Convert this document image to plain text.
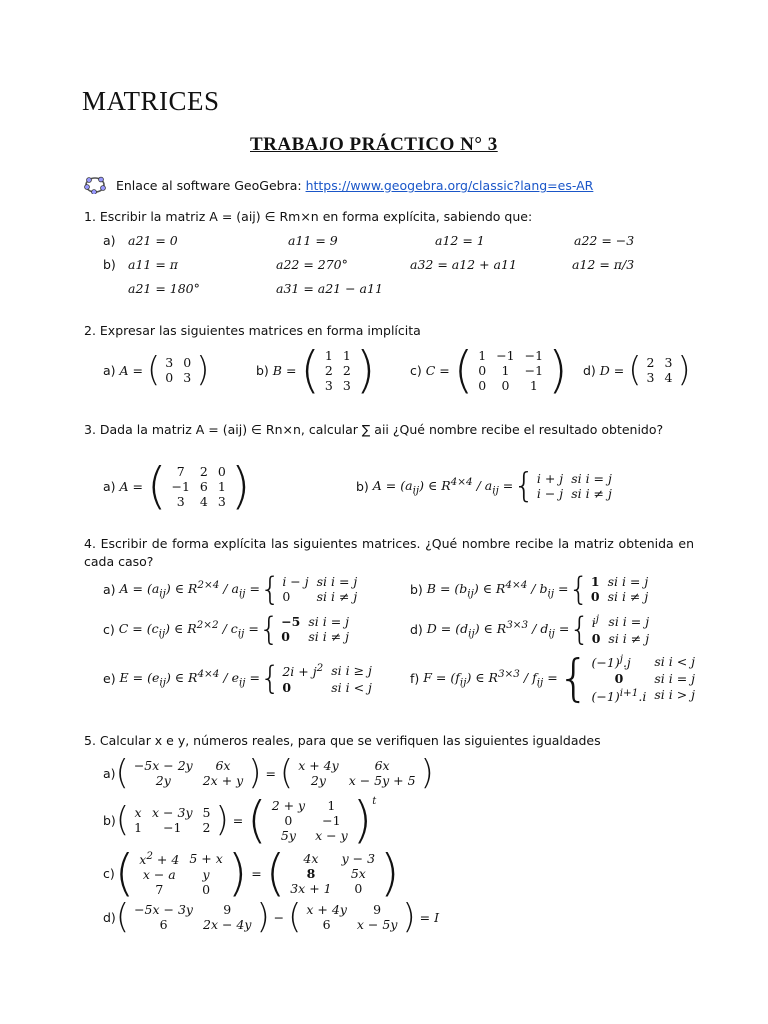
MATRICES
TRABAJO PRÁCTICO N° 3
Enlace al software GeoGebra: https://www.geogebra.org/classic?lang=es-AR
1. Escribir la matriz A = (aij) ∈ Rm×n en forma explícita, sabiendo que:
a) a21 = 0	a11 = 9	a12 = 1	a22 = −3
b) a11 = π	a22 = 270°	a32 = a12 + a11	a12 = π/3
a21 = 180°	a31 = a21 − a11
2. Expresar las siguientes matrices en forma implícita
a) A = ( 3	0
0	3 )	b) B = ( 1	1
2	2
3	3 )	c) C = ( 1	−1	−1
0	1	−1
0	0	1 ) d) D = ( 2	3
3	4 )
3. Dada la matriz A = (aij) ∈ Rn×n, calcular ∑ aii ¿Qué nombre recibe el resultado obtenido?
a) A = ( 7	2	0
−1	6	1
3	4	3 )	b) $A = (a_{ij})$ ∈ $R^{4\times 4} / a_{ij}$ = { i + j	si i = j
i − j	si i ≠ j
4. Escribir de forma explícita las siguientes matrices. ¿Qué nombre recibe la matriz obtenida en cada caso?
a) $A = (a_{ij})$ ∈ $R^{2\times 4} / a_{ij}$ = { i − j	si i = j
0	si i ≠ j	b) $B = (b_{ij})$ ∈ $R^{4\times 4} / b_{ij}$ = { 1	si i = j
0	si i ≠ j
c) $C = (c_{ij})$ ∈ $R^{2\times 2} / c_{ij}$ = { −5	si i = j
0	si i ≠ j	d) $D = (d_{ij})$ ∈ $R^{3\times 3} / d_{ij}$ = { $i^j$	si i = j
0	si i ≠ j
e) $E = (e_{ij})$ ∈ $R^{4\times 4} / e_{ij}$ = { $2i + j^2$	si i ≥ j
0	si i < j
f) $F = (f_{ij})$ ∈ $R^{3\times 3} / f_{ij}$ = { $(-1)^j.j$	si i < j
0	si i = j
$(-1)^{i+1}.i$	si i > j
5. Calcular x e y, números reales, para que se verifiquen las siguientes igualdades
a) ( −5x − 2y	6x
2y	2x + y ) = ( x + 4y	6x
2y	x − 5y + 5 )
b) ( x	x − 3y	5
1	−1	2 ) = ( 2 + y	1
0	−1
5y	x − y ) t
c) ( $x^2 + 4$	5 + x
x − a	y
7	0 ) = ( 4x	y − 3
8	5x
3x + 1	0 )
d) ( −5x − 3y	9
6	2x − 4y ) − ( x + 4y	9
6	x − 5y )
= I
